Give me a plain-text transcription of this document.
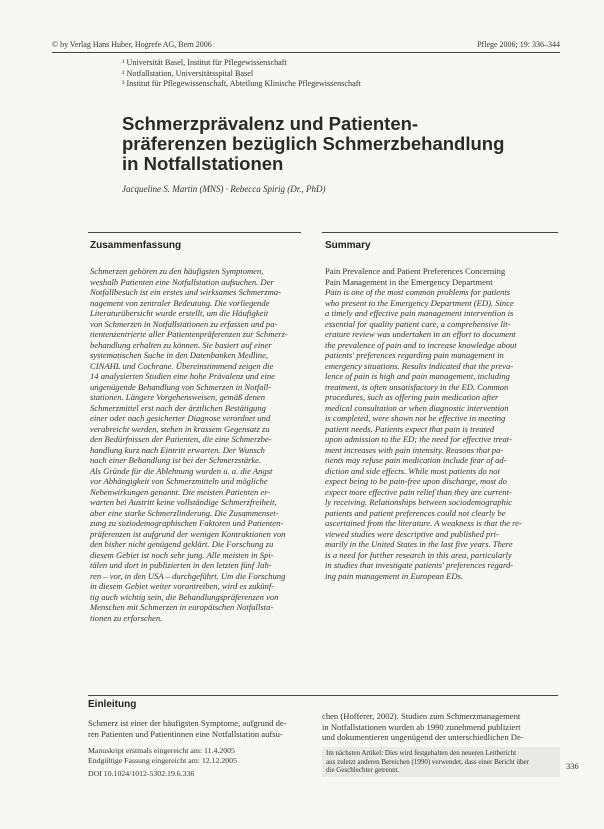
© by Verlag Hans Huber, Hogrefe AG, Bern 2006	Pflege 2006; 19: 336–344

¹ Universität Basel, Institut für Pflegewissenschaft

² Notfallstation, Universitätsspital Basel

³ Institut für Pflegewissenschaft, Abteilung Klinische Pflegewissenschaft

Schmerzprävalenz und Patienten-
präferenzen bezüglich Schmerzbehandlung
in Notfallstationen
Jacqueline S. Martin (MNS) · Rebecca Spirig (Dr., PhD)
Zusammenfassung

Schmerzen gehören zu den häufigsten Symptomen,

weshalb Patienten eine Notfallstation aufsuchen. Der

Notfallbesuch ist ein erstes und wirksames Schmerzma-

nagement von zentraler Bedeutung. Die vorliegende

Literaturübersicht wurde erstellt, um die Häufigkeit

von Schmerzen in Notfallstationen zu erfassen und pa-

tientenzentrierte aller Patientenpräferenzen zur Schmerz-

behandlung erhalten zu können. Sie basiert auf einer

systematischen Suche in den Datenbanken Medline,

CINAHL und Cochrane. Übereinstimmend zeigen die

14 analysierten Studien eine hohe Prävalenz und eine

ungenügende Behandlung von Schmerzen in Notfall-

stationen. Längere Vorgehensweisen, gemäß denen

Schmerzmittel erst nach der ärztlichen Bestätigung

einer oder nach gesicherter Diagnose verordnet und

verabreicht werden, stehen in krassem Gegensatz zu

den Bedürfnissen der Patienten, die eine Schmerzbe-

handlung kurz nach Eintritt erwarten. Der Wunsch

nach einer Behandlung ist bei der Schmerzstärke.

Als Gründe für die Ablehnung wurden u. a. die Angst

vor Abhängigkeit von Schmerzmitteln und mögliche

Nebenwirkungen genannt. Die meisten Patienten er-

warten bei Austritt keine vollständige Schmerzfreiheit,

aber eine starke Schmerzlinderung. Die Zusammenset-

zung zu soziodemographischen Faktoren und Patienten-

präferenzen ist aufgrund der wenigen Kontraktionen von

den bisher nicht genügend geklärt. Die Forschung zu

diesem Gebiet ist noch sehr jung. Alle meisten in Spi-

tälen und dort in publizierten in den letzten fünf Jah-

ren – vor, in den USA – durchgeführt. Um die Forschung

in diesem Gebiet weiter vorantreiben, wird es zukünf-

tig auch wichtig sein, die Behandlungspräferenzen von

Menschen mit Schmerzen in europäischen Notfallsta-

tionen zu erforschen.

Summary

Pain Prevalence and Patient Preferences Concerning

Pain Management in the Emergency Department

Pain is one of the most common problems for patients

who present to the Emergency Department (ED). Since

a timely and effective pain management intervention is

essential for quality patient care, a comprehensive lit-

erature review was undertaken in an effort to document

the prevalence of pain and to increase knowledge about

patients' preferences regarding pain management in

emergency situations. Results indicated that the preva-

lence of pain is high and pain management, including

treatment, is often unsatisfactory in the ED. Common

procedures, such as offering pain medication after

medical consultation or when diagnostic intervention

is completed, were shown not be effective in meeting

patient needs. Patients expect that pain is treated

upon admission to the ED; the need for effective treat-

ment increases with pain intensity. Reasons that pa-

tients may refuse pain medication include fear of ad-

diction and side effects. While most patients do not

expect being to be pain-free upon discharge, most do

expect more effective pain relief than they are current-

ly receiving. Relationships between sociodemographic

patients and patient preferences could not clearly be

ascertained from the literature. A weakness is that the re-

viewed studies were descriptive and published pri-

marily in the United States in the last five years. There

is a need for further research in this area, particularly

in studies that investigate patients' preferences regard-

ing pain management in European EDs.

Einleitung

Schmerz ist einer der häufigsten Symptome, aufgrund de-

ren Patienten und Patientinnen eine Notfallstation aufsu-

chen (Hofferer, 2002). Studien zum Schmerzmanagement

in Notfallstationen wurden ab 1990 zunehmend publiziert

und dokumentieren ungenügend der unterschiedlichen De-

Manuskript erstmals eingereicht am: 11.4.2005
Endgültige Fassung eingereicht am: 12.12.2005
DOI 10.1024/1012-5302.19.6.336
Im nächsten Artikel: Dies wird festgehalten den neueren Leitbericht
aus zuletzt anderen Bereichen (1990) verwendet, dass einer Bericht über
die Geschlechter getrennt.	336
